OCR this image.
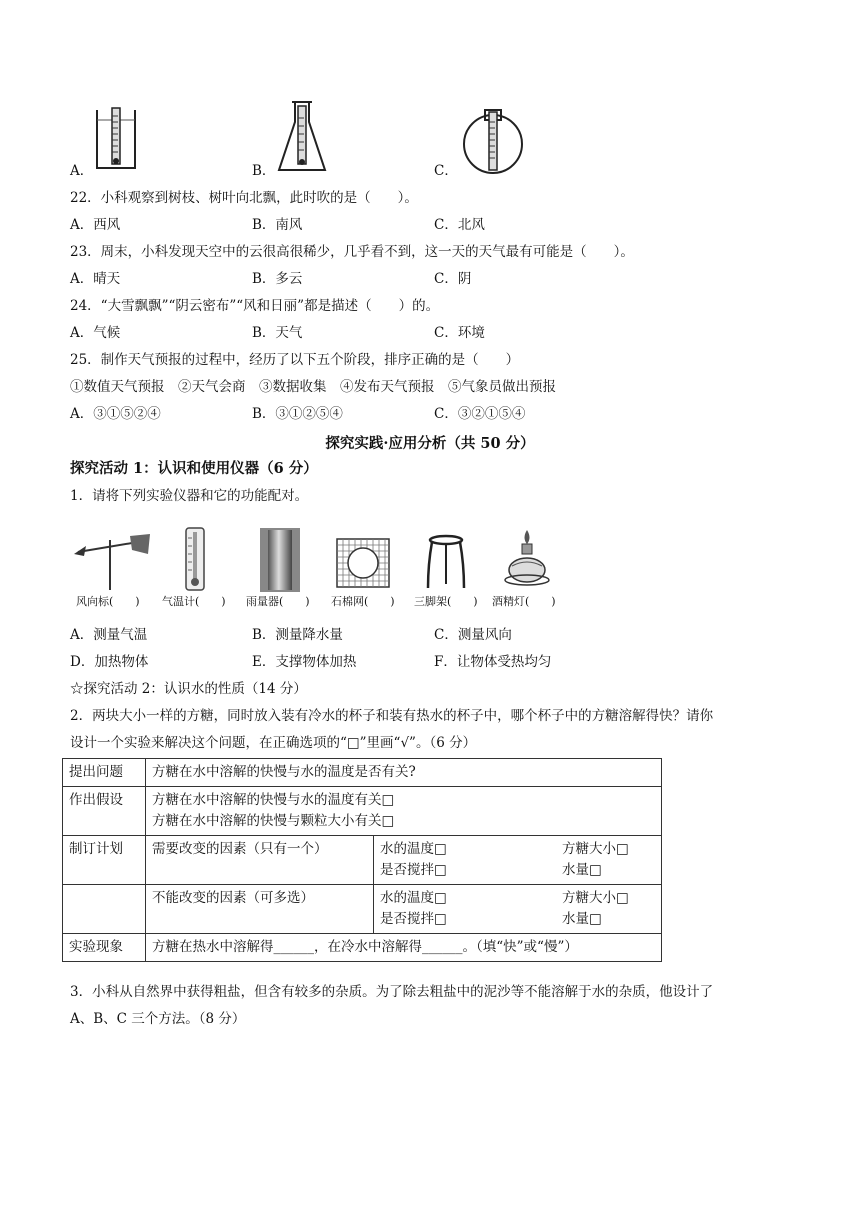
A．	B．	C．
22．小科观察到树枝、树叶向北飘，此时吹的是（　　）。
A．西风	B．南风	C．北风
23．周末，小科发现天空中的云很高很稀少，几乎看不到，这一天的天气最有可能是（　　）。
A．晴天	B．多云	C．阴
24．“大雪飘飘”“阴云密布”“风和日丽”都是描述（　　）的。
A．气候	B．天气	C．环境
25．制作天气预报的过程中，经历了以下五个阶段，排序正确的是（　　）
①数值天气预报　②天气会商　③数据收集　④发布天气预报　⑤气象员做出预报
A．③①⑤②④	B．③①②⑤④	C．③②①⑤④
探究实践·应用分析（共 50 分）
探究活动 1：认识和使用仪器（6 分）
1．请将下列实验仪器和它的功能配对。
风向标(　　) 气温计(　　) 雨量器(　　) 石棉网(　　) 三脚架(　　) 酒精灯(　　)
A．测量气温	B．测量降水量	C．测量风向
D．加热物体	E．支撑物体加热	F．让物体受热均匀
☆探究活动 2：认识水的性质（14 分）
2．两块大小一样的方糖，同时放入装有冷水的杯子和装有热水的杯子中，哪个杯子中的方糖溶解得快？请你
设计一个实验来解决这个问题，在正确选项的“□”里画“√”。（6 分）
提出问题	方糖在水中溶解的快慢与水的温度是否有关?	
作出假设	方糖在水中溶解的快慢与水的温度有关□
方糖在水中溶解的快慢与颗粒大小有关□	

制订计划	需要改变的因素（只有一个）	水的温度□ 方糖大小□
是否搅拌□ 水量□

	不能改变的因素（可多选）	水的温度□ 方糖大小□
是否搅拌□ 水量□

实验现象	方糖在热水中溶解得______，在冷水中溶解得______。（填“快”或“慢”）	
3．小科从自然界中获得粗盐，但含有较多的杂质。为了除去粗盐中的泥沙等不能溶解于水的杂质，他设计了
A、B、C 三个方法。（8 分）
